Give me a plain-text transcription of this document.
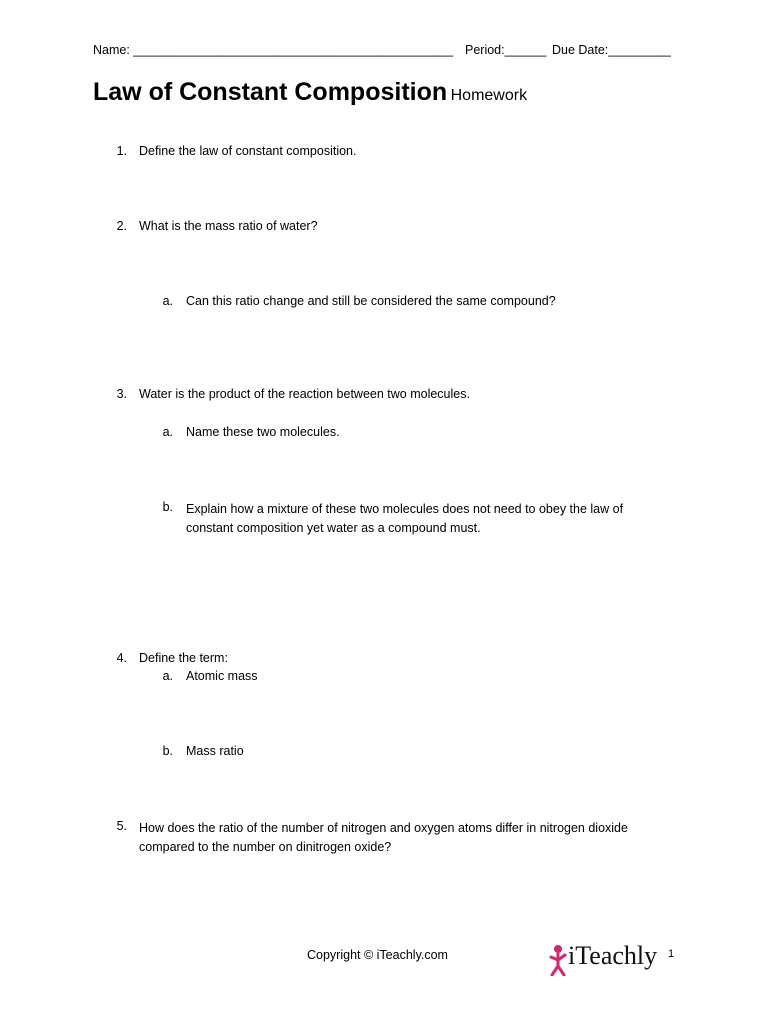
Name: ______________________________________________ Period:______ Due Date:_________
Law of Constant Composition Homework
1. Define the law of constant composition.
2. What is the mass ratio of water?
a. Can this ratio change and still be considered the same compound?
3. Water is the product of the reaction between two molecules.
a. Name these two molecules.
b. Explain how a mixture of these two molecules does not need to obey the law of constant composition yet water as a compound must.
4. Define the term:
a. Atomic mass
b. Mass ratio
5. How does the ratio of the number of nitrogen and oxygen atoms differ in nitrogen dioxide compared to the number on dinitrogen oxide?
Copyright © iTeachly.com	iTeachly 1
